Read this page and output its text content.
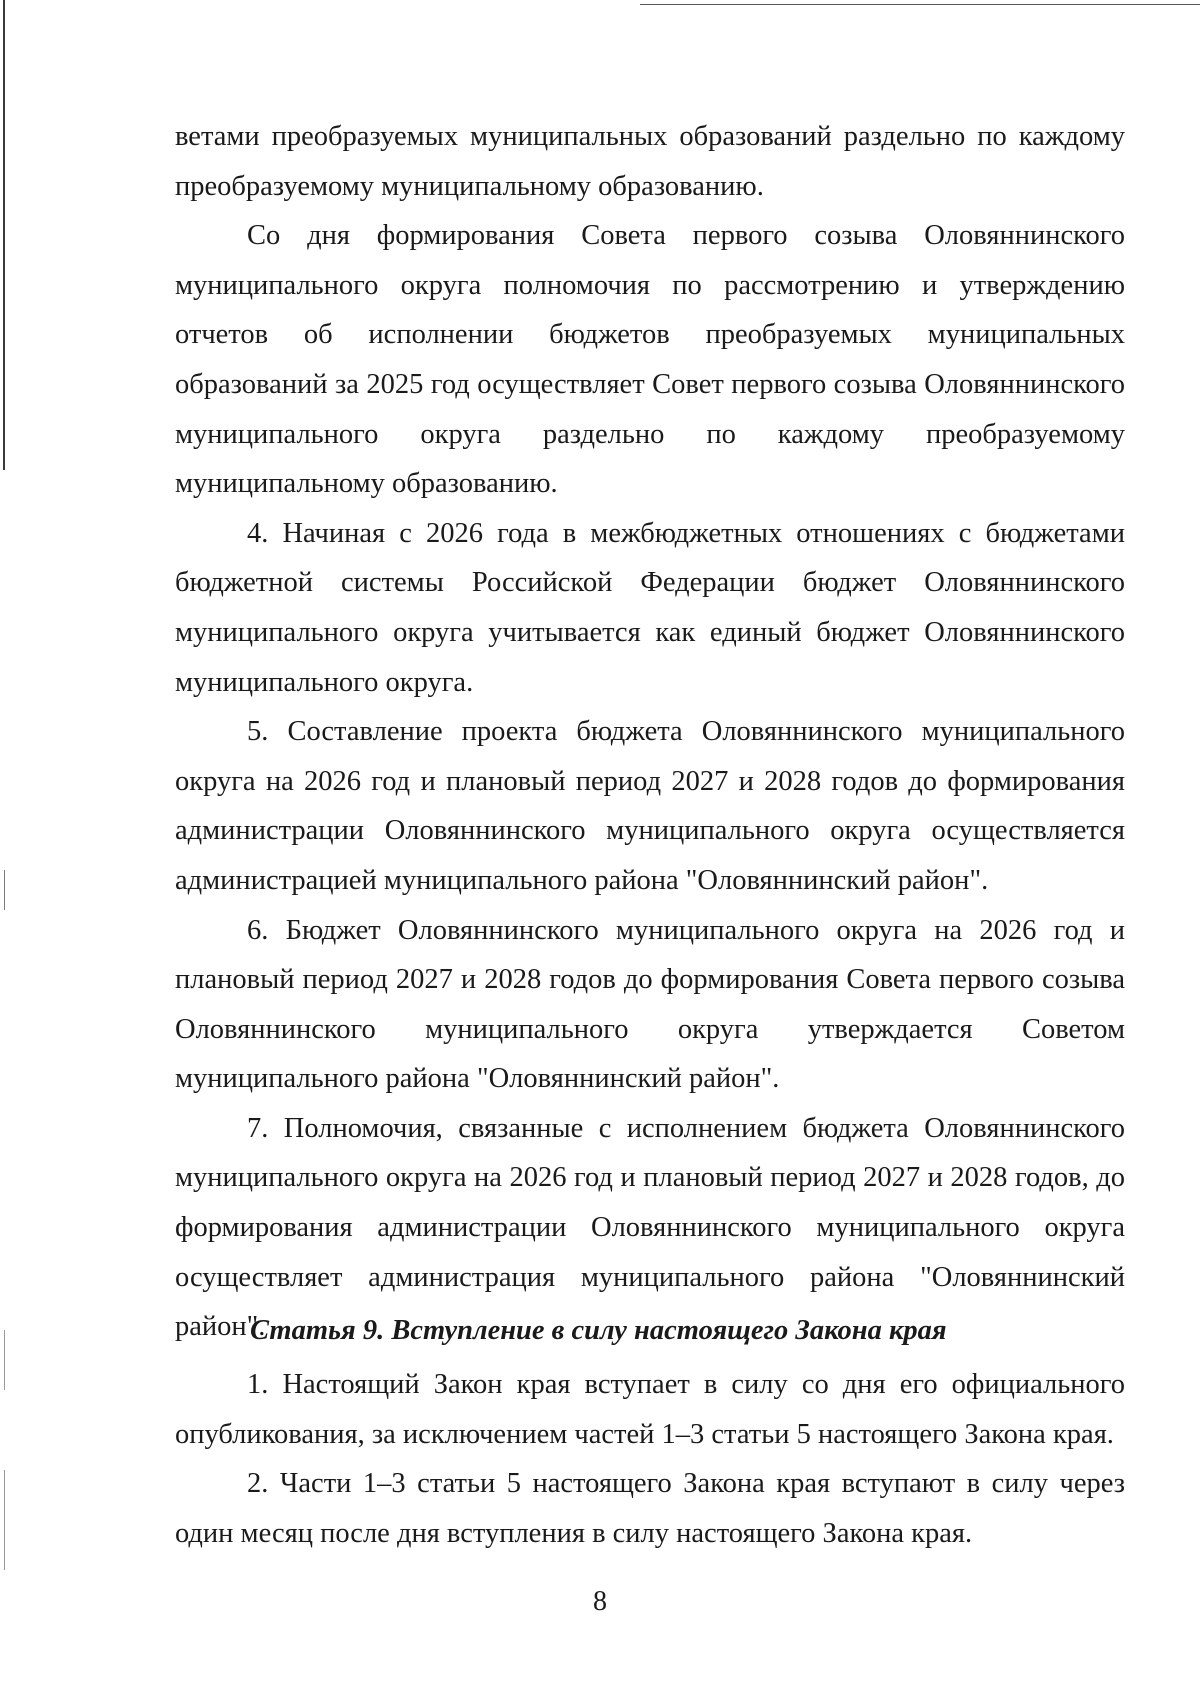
ветами преобразуемых муниципальных образований раздельно по каждому преобразуемому муниципальному образованию.

Со дня формирования Совета первого созыва Оловяннинского муниципального округа полномочия по рассмотрению и утверждению отчетов об исполнении бюджетов преобразуемых муниципальных образований за 2025 год осуществляет Совет первого созыва Оловяннинского муниципального округа раздельно по каждому преобразуемому муниципальному образованию.

4. Начиная с 2026 года в межбюджетных отношениях с бюджетами бюджетной системы Российской Федерации бюджет Оловяннинского муниципального округа учитывается как единый бюджет Оловяннинского муниципального округа.

5. Составление проекта бюджета Оловяннинского муниципального округа на 2026 год и плановый период 2027 и 2028 годов до формирования администрации Оловяннинского муниципального округа осуществляется администрацией муниципального района "Оловяннинский район".

6. Бюджет Оловяннинского муниципального округа на 2026 год и плановый период 2027 и 2028 годов до формирования Совета первого созыва Оловяннинского муниципального округа утверждается Советом муниципального района "Оловяннинский район".

7. Полномочия, связанные с исполнением бюджета Оловяннинского муниципального округа на 2026 год и плановый период 2027 и 2028 годов, до формирования администрации Оловяннинского муниципального округа осуществляет администрация муниципального района "Оловяннинский район".

Статья 9. Вступление в силу настоящего Закона края

1. Настоящий Закон края вступает в силу со дня его официального опубликования, за исключением частей 1–3 статьи 5 настоящего Закона края.

2. Части 1–3 статьи 5 настоящего Закона края вступают в силу через один месяц после дня вступления в силу настоящего Закона края.

8
